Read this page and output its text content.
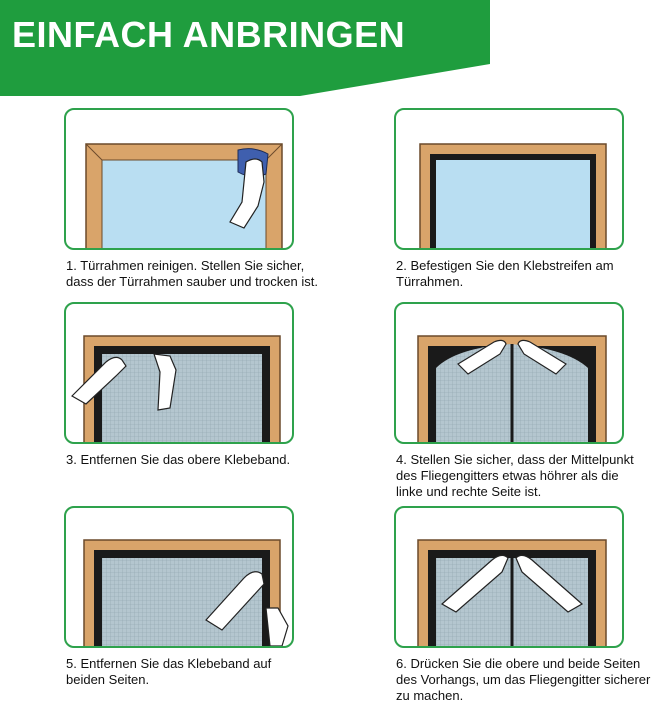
EINFACH ANBRINGEN
1. Türrahmen reinigen. Stellen Sie sicher,
dass der Türrahmen sauber und trocken ist.
2. Befestigen Sie den Klebstreifen am
Türrahmen.
3. Entfernen Sie das obere Klebeband.	4. Stellen Sie sicher, dass der Mittelpunkt
des Fliegengitters etwas höhrer als die
linke und rechte Seite ist.
5. Entfernen Sie das Klebeband auf
beiden Seiten.
6. Drücken Sie die obere und beide Seiten
des Vorhangs, um das Fliegengitter sicherer
zu machen.
